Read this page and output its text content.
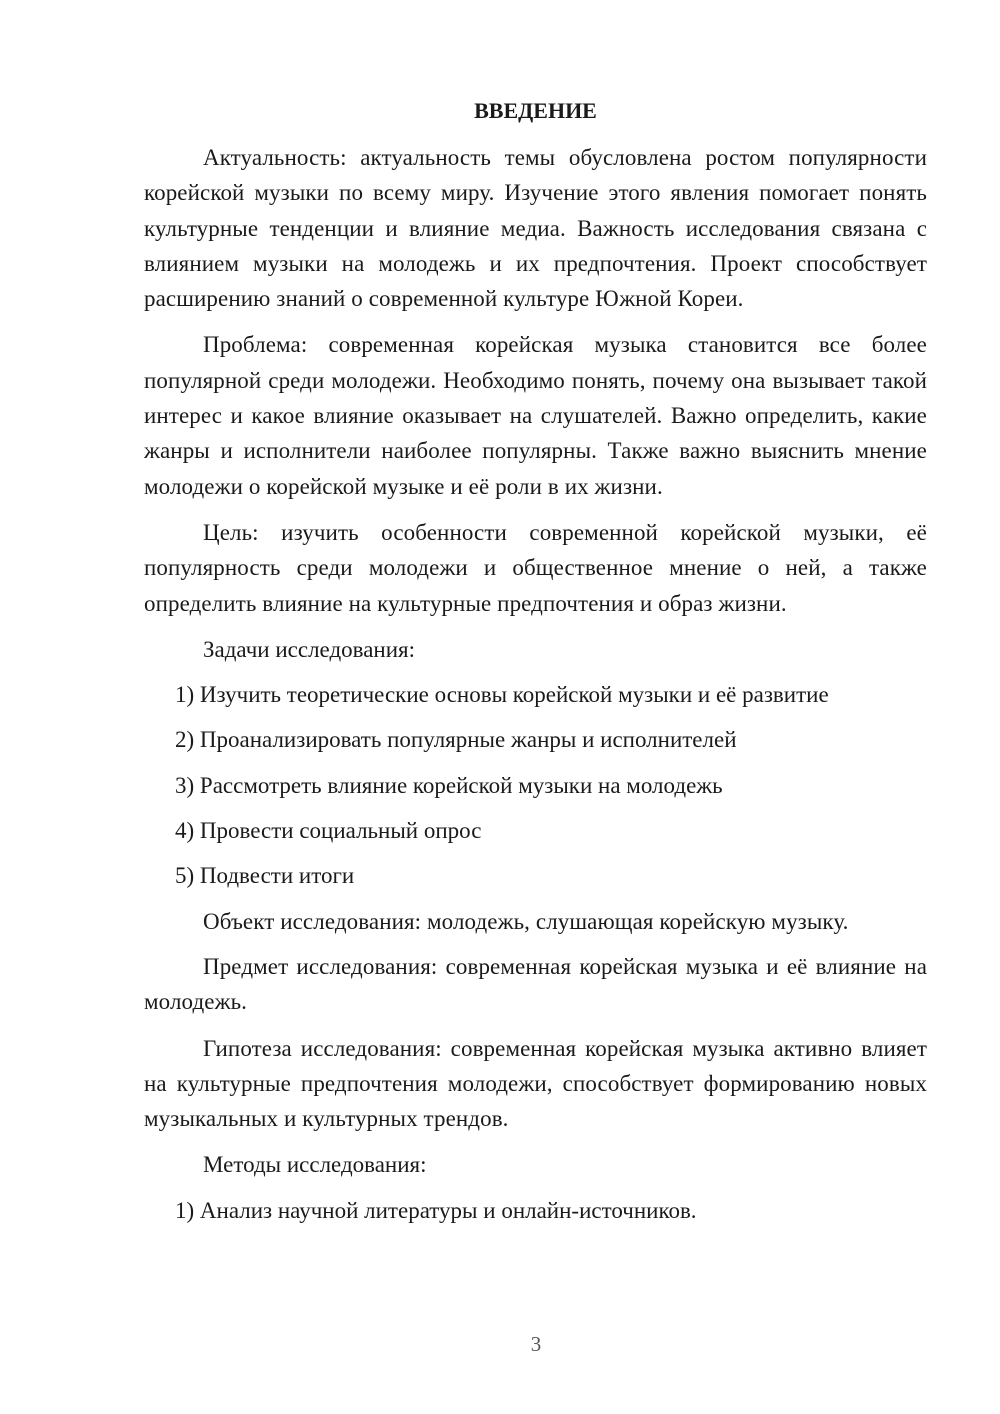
ВВЕДЕНИЕ

Актуальность: актуальность темы обусловлена ростом популярности корейской музыки по всему миру. Изучение этого явления помогает понять культурные тенденции и влияние медиа. Важность исследования связана с влиянием музыки на молодежь и их предпочтения. Проект способствует расширению знаний о современной культуре Южной Кореи.

Проблема: современная корейская музыка становится все более популярной среди молодежи. Необходимо понять, почему она вызывает такой интерес и какое влияние оказывает на слушателей. Важно определить, какие жанры и исполнители наиболее популярны. Также важно выяснить мнение молодежи о корейской музыке и её роли в их жизни.

Цель: изучить особенности современной корейской музыки, её популярность среди молодежи и общественное мнение о ней, а также определить влияние на культурные предпочтения и образ жизни.

Задачи исследования:

1) Изучить теоретические основы корейской музыки и её развитие
2) Проанализировать популярные жанры и исполнителей
3) Рассмотреть влияние корейской музыки на молодежь
4) Провести социальный опрос
5) Подвести итоги

Объект исследования: молодежь, слушающая корейскую музыку.

Предмет исследования: современная корейская музыка и её влияние на молодежь.

Гипотеза исследования: современная корейская музыка активно влияет на культурные предпочтения молодежи, способствует формированию новых музыкальных и культурных трендов.

Методы исследования:

1) Анализ научной литературы и онлайн-источников.
3
